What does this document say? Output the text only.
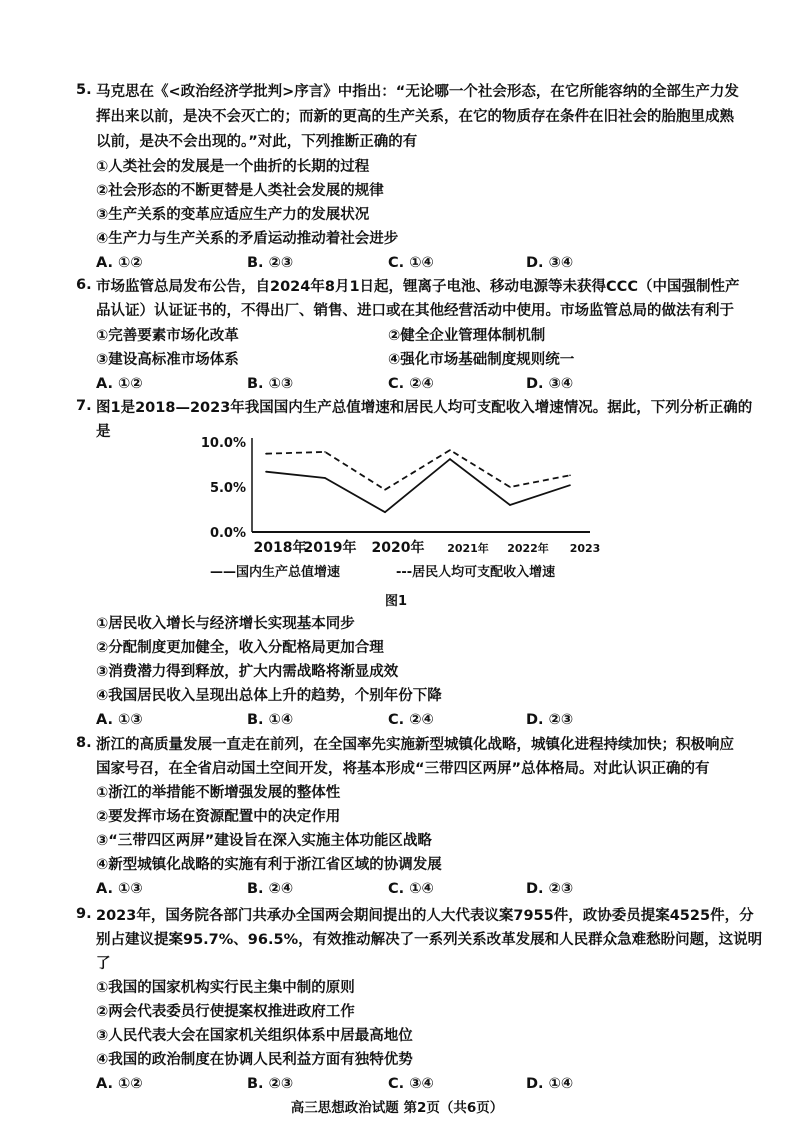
5. 马克思在《<政治经济学批判>序言》中指出：“无论哪一个社会形态，在它所能容纳的全部生产力发
挥出来以前，是决不会灭亡的；而新的更高的生产关系，在它的物质存在条件在旧社会的胎胞里成熟
以前，是决不会出现的。”对此，下列推断正确的有
①人类社会的发展是一个曲折的长期的过程
②社会形态的不断更替是人类社会发展的规律
③生产关系的变革应适应生产力的发展状况
④生产力与生产关系的矛盾运动推动着社会进步
A. ①②	B. ②③	C. ①④	D. ③④
6. 市场监管总局发布公告，自2024年8月1日起，锂离子电池、移动电源等未获得CCC（中国强制性产
品认证）认证证书的，不得出厂、销售、进口或在其他经营活动中使用。市场监管总局的做法有利于
①完善要素市场化改革	②健全企业管理体制机制
③建设高标准市场体系	④强化市场基础制度规则统一
A. ①②	B. ①③	C. ②④	D. ③④
7. 图1是2018—2023年我国国内生产总值增速和居民人均可支配收入增速情况。据此，下列分析正确的
是
10.0%
5.0%
0.0%
2018年
2019年 2020年 2021年 2022年 2023
——国内生产总值增速	---居民人均可支配收入增速
图1
①居民收入增长与经济增长实现基本同步
②分配制度更加健全，收入分配格局更加合理
③消费潜力得到释放，扩大内需战略将渐显成效
④我国居民收入呈现出总体上升的趋势，个别年份下降
A. ①③	B. ①④	C. ②④	D. ②③
8. 浙江的高质量发展一直走在前列，在全国率先实施新型城镇化战略，城镇化进程持续加快；积极响应
国家号召，在全省启动国土空间开发，将基本形成“三带四区两屏”总体格局。对此认识正确的有
①浙江的举措能不断增强发展的整体性
②要发挥市场在资源配置中的决定作用
③“三带四区两屏”建设旨在深入实施主体功能区战略
④新型城镇化战略的实施有利于浙江省区域的协调发展
A. ①③	B. ②④	C. ①④	D. ②③
9. 2023年，国务院各部门共承办全国两会期间提出的人大代表议案7955件，政协委员提案4525件，分
别占建议提案95.7%、96.5%，有效推动解决了一系列关系改革发展和人民群众急难愁盼问题，这说明
了
①我国的国家机构实行民主集中制的原则
②两会代表委员行使提案权推进政府工作
③人民代表大会在国家机关组织体系中居最高地位
④我国的政治制度在协调人民利益方面有独特优势
高三思想政治试题 第2页（共6页）
A. ①②	B. ②③	C. ③④	D. ①④
